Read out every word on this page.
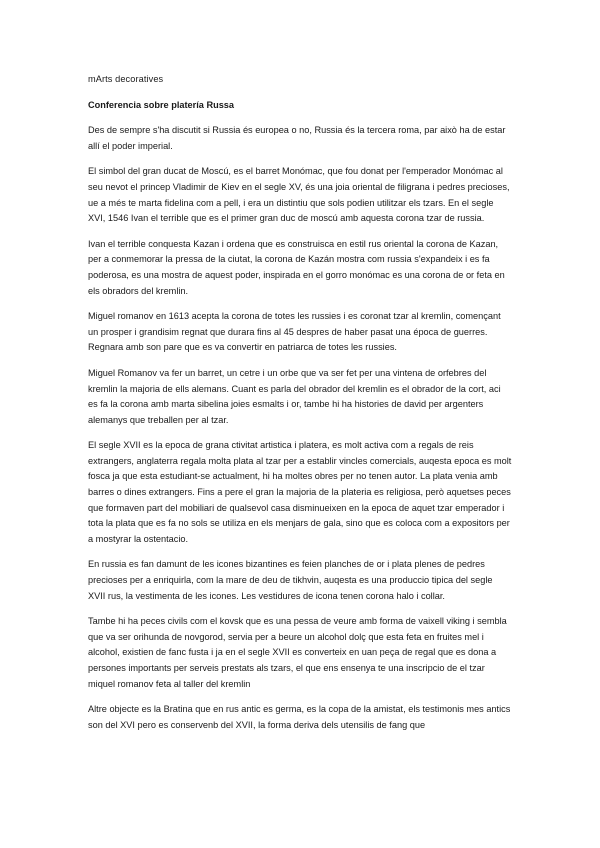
mArts decoratives
Conferencia sobre platería Russa
Des de sempre s'ha discutit si Russia és europea o no, Russia és la tercera roma, par això ha de estar allí el poder imperial.
El simbol del gran ducat de Moscú, es el barret Monómac, que fou donat per l'emperador Monómac al seu nevot el princep Vladimir de Kiev en el segle XV, és una joia oriental de filigrana i pedres precioses, ue a més te marta fidelina com a pell, i era un distintiu que sols podien utilitzar els tzars. En el segle XVI, 1546 Ivan el terrible que es el primer gran duc de moscú amb aquesta corona tzar de russia.
Ivan el terrible conquesta Kazan i ordena que es construisca en estil rus oriental la corona de Kazan, per a conmemorar la pressa de la ciutat, la corona de Kazán mostra com russia s'expandeix i es fa poderosa, es una mostra de aquest poder, inspirada en el gorro monómac es una corona de or feta en els obradors del kremlin.
Miguel romanov en 1613 acepta la corona de totes les russies i es coronat tzar al kremlin, començant un prosper i grandisim regnat que durara fins al 45 despres de haber pasat una época de guerres. Regnara amb son pare que es va convertir en patriarca de totes les russies.
Miguel Romanov va fer un barret, un cetre i un orbe que va ser fet per una vintena de orfebres del kremlin la majoria de ells alemans. Cuant es parla del obrador del kremlin es el obrador de la cort, aci es fa la corona amb marta sibelina joies esmalts i or, tambe hi ha histories de david per argenters alemanys que treballen per al tzar.
El segle XVII es la epoca de grana ctivitat artistica i platera, es molt activa com a regals de reis extrangers, anglaterra regala molta plata al tzar per a establir vincles comercials, auqesta epoca es molt fosca ja que esta estudiant-se actualment, hi ha moltes obres per no tenen autor. La plata venia amb barres o dines extrangers. Fins a pere el gran la majoria de la plateria es religiosa, però aquetses peces que formaven part del mobiliari de qualsevol casa disminueixen en la epoca de aquet tzar emperador i tota la plata que es fa no sols se utiliza en els menjars de gala, sino que es coloca com a expositors per a mostyrar la ostentacio.
En russia es fan damunt de les icones bizantines es feien planches de or i plata plenes de pedres precioses per a enriquirla, com la mare de deu de tikhvin, auqesta es una produccio tipica del segle XVII rus, la vestimenta de les icones. Les vestidures de icona tenen corona halo i collar.
Tambe hi ha peces civils com el kovsk que es una pessa de veure amb forma de vaixell viking i sembla que va ser orihunda de novgorod, servia per a beure un alcohol dolç que esta feta en fruites mel i alcohol, existien de fanc fusta i ja en el segle XVII es converteix en uan peça de regal que es dona a persones importants per serveis prestats als tzars, el que ens ensenya te una inscripcio de el tzar miquel romanov feta al taller del kremlin
Altre objecte es la Bratina que en rus antic es germa, es la copa de la amistat, els testimonis mes antics son del XVI pero es conservenb del XVII, la forma deriva dels utensilis de fang que
